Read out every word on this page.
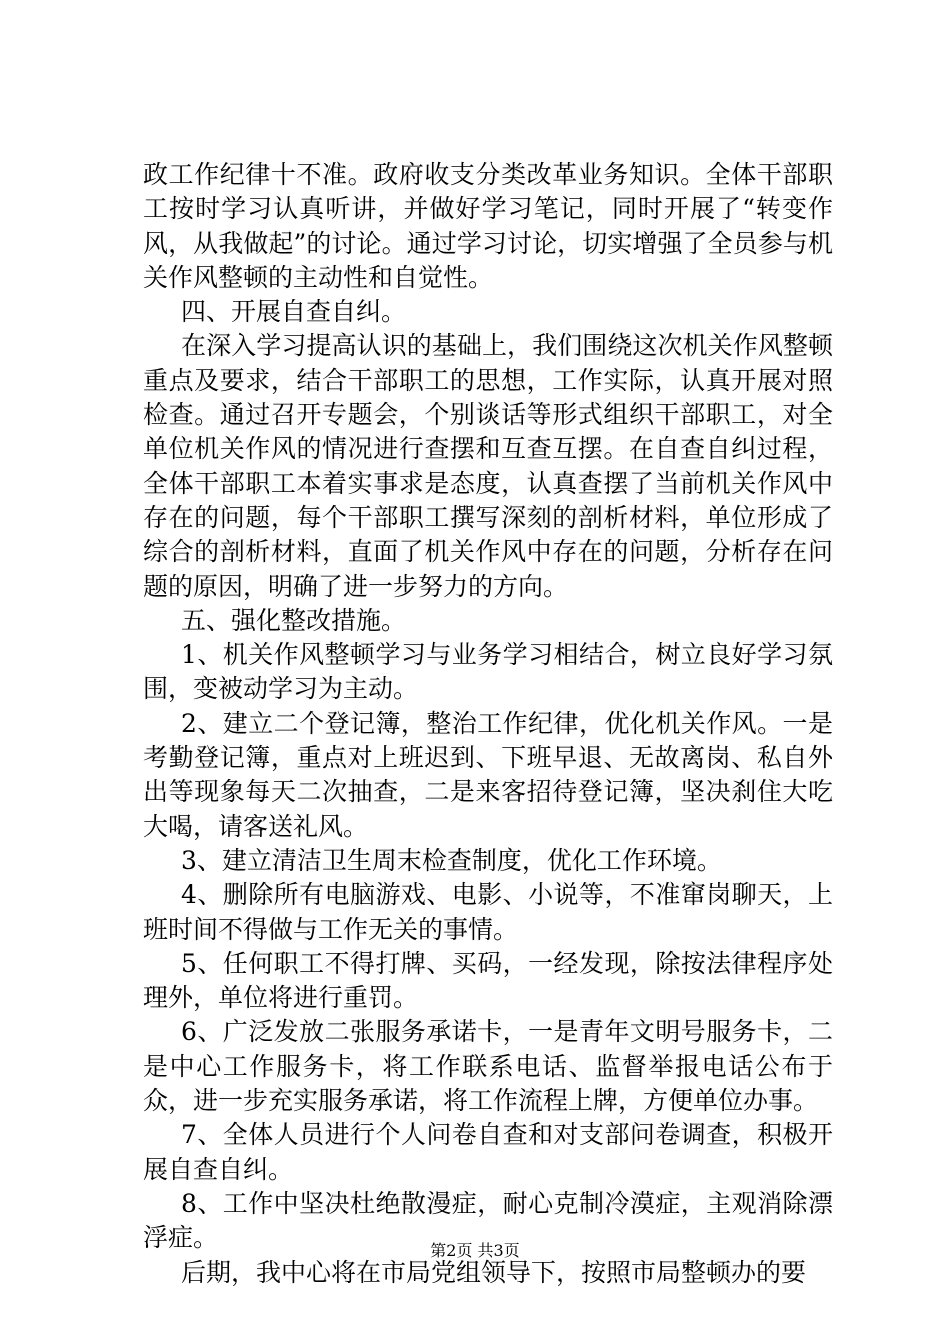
政工作纪律十不准。政府收支分类改革业务知识。全体干部职工按时学习认真听讲，并做好学习笔记，同时开展了“转变作风，从我做起”的讨论。通过学习讨论，切实增强了全员参与机关作风整顿的主动性和自觉性。

四、开展自查自纠。

在深入学习提高认识的基础上，我们围绕这次机关作风整顿重点及要求，结合干部职工的思想，工作实际，认真开展对照检查。通过召开专题会，个别谈话等形式组织干部职工，对全单位机关作风的情况进行查摆和互查互摆。在自查自纠过程，全体干部职工本着实事求是态度，认真查摆了当前机关作风中存在的问题，每个干部职工撰写深刻的剖析材料，单位形成了综合的剖析材料，直面了机关作风中存在的问题，分析存在问题的原因，明确了进一步努力的方向。

五、强化整改措施。

1、机关作风整顿学习与业务学习相结合，树立良好学习氛围，变被动学习为主动。

2、建立二个登记簿，整治工作纪律，优化机关作风。一是考勤登记簿，重点对上班迟到、下班早退、无故离岗、私自外出等现象每天二次抽查，二是来客招待登记簿，坚决刹住大吃大喝，请客送礼风。

3、建立清洁卫生周末检查制度，优化工作环境。

4、删除所有电脑游戏、电影、小说等，不准窜岗聊天，上班时间不得做与工作无关的事情。

5、任何职工不得打牌、买码，一经发现，除按法律程序处理外，单位将进行重罚。

6、广泛发放二张服务承诺卡，一是青年文明号服务卡，二是中心工作服务卡，将工作联系电话、监督举报电话公布于众，进一步充实服务承诺，将工作流程上牌，方便单位办事。

7、全体人员进行个人问卷自查和对支部问卷调查，积极开展自查自纠。

8、工作中坚决杜绝散漫症，耐心克制冷漠症，主观消除漂浮症。

后期，我中心将在市局党组领导下，按照市局整顿办的要

第2页 共3页
